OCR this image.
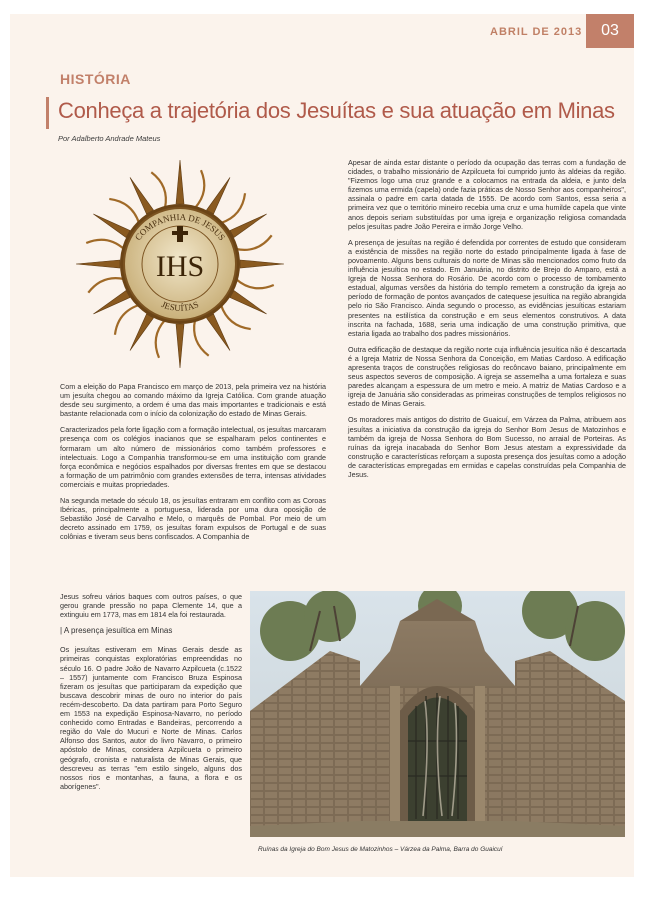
ABRIL DE 2013	03
HISTÓRIA
Conheça a trajetória dos Jesuítas e sua atuação em Minas
Por Adalberto Andrade Mateus
COMPANHIA DE JESUS
IHS
JESUÍTAS

Com a eleição do Papa Francisco em março de 2013, pela primeira vez na história um jesuíta chegou ao comando máximo da Igreja Católica. Com grande atuação desde seu surgimento, a ordem é uma das mais importantes e tradicionais e está bastante relacionada com o início da colonização do estado de Minas Gerais.

Caracterizados pela forte ligação com a formação intelectual, os jesuítas marcaram presença com os colégios inacianos que se espalharam pelos continentes e formaram um alto número de missionários como também professores e intelectuais. Logo a Companhia transformou-se em uma instituição com grande força econômica e negócios espalhados por diversas frentes em que se destacou a formação de um patrimônio com grandes extensões de terra, intensas atividades comerciais e muitas propriedades.

Na segunda metade do século 18, os jesuítas entraram em conflito com as Coroas Ibéricas, principalmente a portuguesa, liderada por uma dura oposição de Sebastião José de Carvalho e Melo, o marquês de Pombal. Por meio de um decreto assinado em 1759, os jesuítas foram expulsos de Portugal e de suas colônias e tiveram seus bens confiscados. A Companhia de

Jesus sofreu vários baques com outros países, o que gerou grande pressão no papa Clemente 14, que a extinguiu em 1773, mas em 1814 ela foi restaurada.

| A presença jesuítica em Minas

Os jesuítas estiveram em Minas Gerais desde as primeiras conquistas exploratórias empreendidas no século 16. O padre João de Navarro Azpilcueta (c.1522 – 1557) juntamente com Francisco Bruza Espinosa fizeram os jesuítas que participaram da expedição que buscava descobrir minas de ouro no interior do país recém-descoberto. Da data partiram para Porto Seguro em 1553 na expedição Espinosa-Navarro, no período conhecido como Entradas e Bandeiras, percorrendo a região do Vale do Mucuri e Norte de Minas. Carlos Alfonso dos Santos, autor do livro Navarro, o primeiro apóstolo de Minas, considera Azpilcueta o primeiro geógrafo, cronista e naturalista de Minas Gerais, que descreveu as terras "em estilo singelo, alguns dos nossos rios e montanhas, a fauna, a flora e os aborígenes".

Apesar de ainda estar distante o período da ocupação das terras com a fundação de cidades, o trabalho missionário de Azpilcueta foi cumprido junto às aldeias da região. "Fizemos logo uma cruz grande e a colocamos na entrada da aldeia, e junto dela fizemos uma ermida (capela) onde fazia práticas de Nosso Senhor aos companheiros", assinala o padre em carta datada de 1555. De acordo com Santos, essa seria a primeira vez que o território mineiro recebia uma cruz e uma humilde capela que vinte anos depois seriam substituídas por uma igreja e organização religiosa comandada pelos jesuítas padre João Pereira e irmão Jorge Velho.

A presença de jesuítas na região é defendida por correntes de estudo que consideram a existência de missões na região norte do estado principalmente ligada à fase de povoamento. Alguns bens culturais do norte de Minas são mencionados como fruto da influência jesuítica no estado. Em Januária, no distrito de Brejo do Amparo, está a Igreja de Nossa Senhora do Rosário. De acordo com o processo de tombamento estadual, algumas versões da história do templo remetem a construção da igreja ao período de formação de pontos avançados de catequese jesuítica na região abrangida pelo rio São Francisco. Ainda segundo o processo, as evidências jesuíticas estariam presentes na estilística da construção e em seus elementos construtivos. A data inscrita na fachada, 1688, seria uma indicação de uma construção primitiva, que estaria ligada ao trabalho dos padres missionários.

Outra edificação de destaque da região norte cuja influência jesuítica não é descartada é a Igreja Matriz de Nossa Senhora da Conceição, em Matias Cardoso. A edificação apresenta traços de construções religiosas do recôncavo baiano, principalmente em seus aspectos severos de composição. A igreja se assemelha a uma fortaleza e suas paredes alcançam a espessura de um metro e meio. A matriz de Matias Cardoso e a igreja de Januária são consideradas as primeiras construções de templos religiosos no estado de Minas Gerais.

Os moradores mais antigos do distrito de Guaicuí, em Várzea da Palma, atribuem aos jesuítas a iniciativa da construção da igreja do Senhor Bom Jesus de Matozinhos e também da igreja de Nossa Senhora do Bom Sucesso, no arraial de Porteiras. As ruínas da igreja inacabada do Senhor Bom Jesus atestam a expressividade da construção e características reforçam a suposta presença dos jesuítas como a adoção de características empregadas em ermidas e capelas construídas pela Companhia de Jesus.

Ruínas da Igreja do Bom Jesus de Matozinhos – Várzea da Palma, Barra do Guaicuí
